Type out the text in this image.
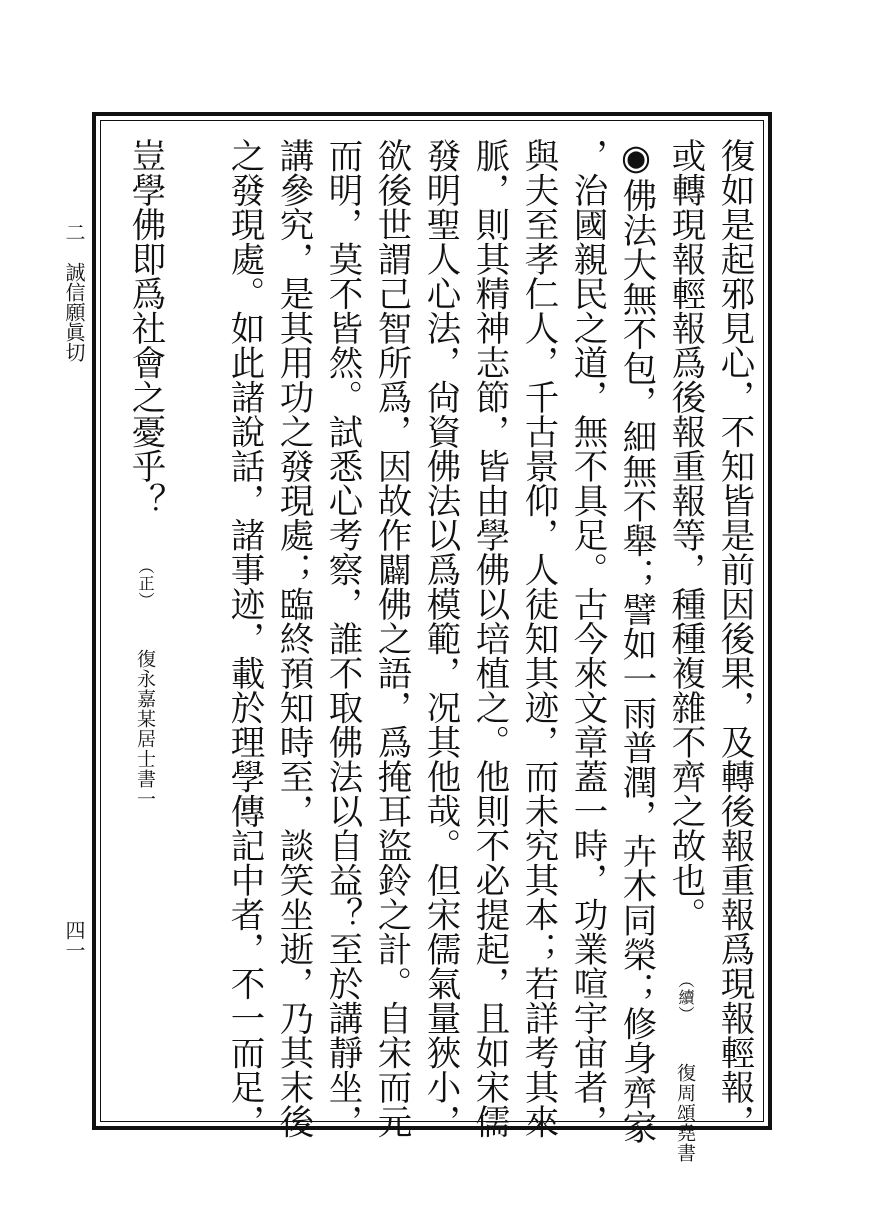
二
誠信願眞切
四一	復如是起邪見心，不知皆是前因後果，及轉後報重報爲現報輕報，
或轉現報輕報爲後報重報等，種種複雜不齊之故也。 （續） 復周頌堯書
◉佛法大無不包，細無不舉；譬如一雨普潤，卉木同榮；修身齊家
，治國親民之道，無不具足。古今來文章蓋一時，功業喧宇宙者，
與夫至孝仁人，千古景仰，人徒知其迹，而未究其本；若詳考其來
脈，則其精神志節，皆由學佛以培植之。他則不必提起，且如宋儒
發明聖人心法，尙資佛法以爲模範，况其他哉。但宋儒氣量狹小，
欲後世謂己智所爲，因故作闢佛之語，爲掩耳盜鈴之計。自宋而元
而明，莫不皆然。試悉心考察，誰不取佛法以自益？至於講靜坐，
講參究，是其用功之發現處；臨終預知時至，談笑坐逝，乃其末後
之發現處。如此諸說話，諸事迹，載於理學傳記中者，不一而足，
豈學佛即爲社會之憂乎？ （正） 復永嘉某居士書一
